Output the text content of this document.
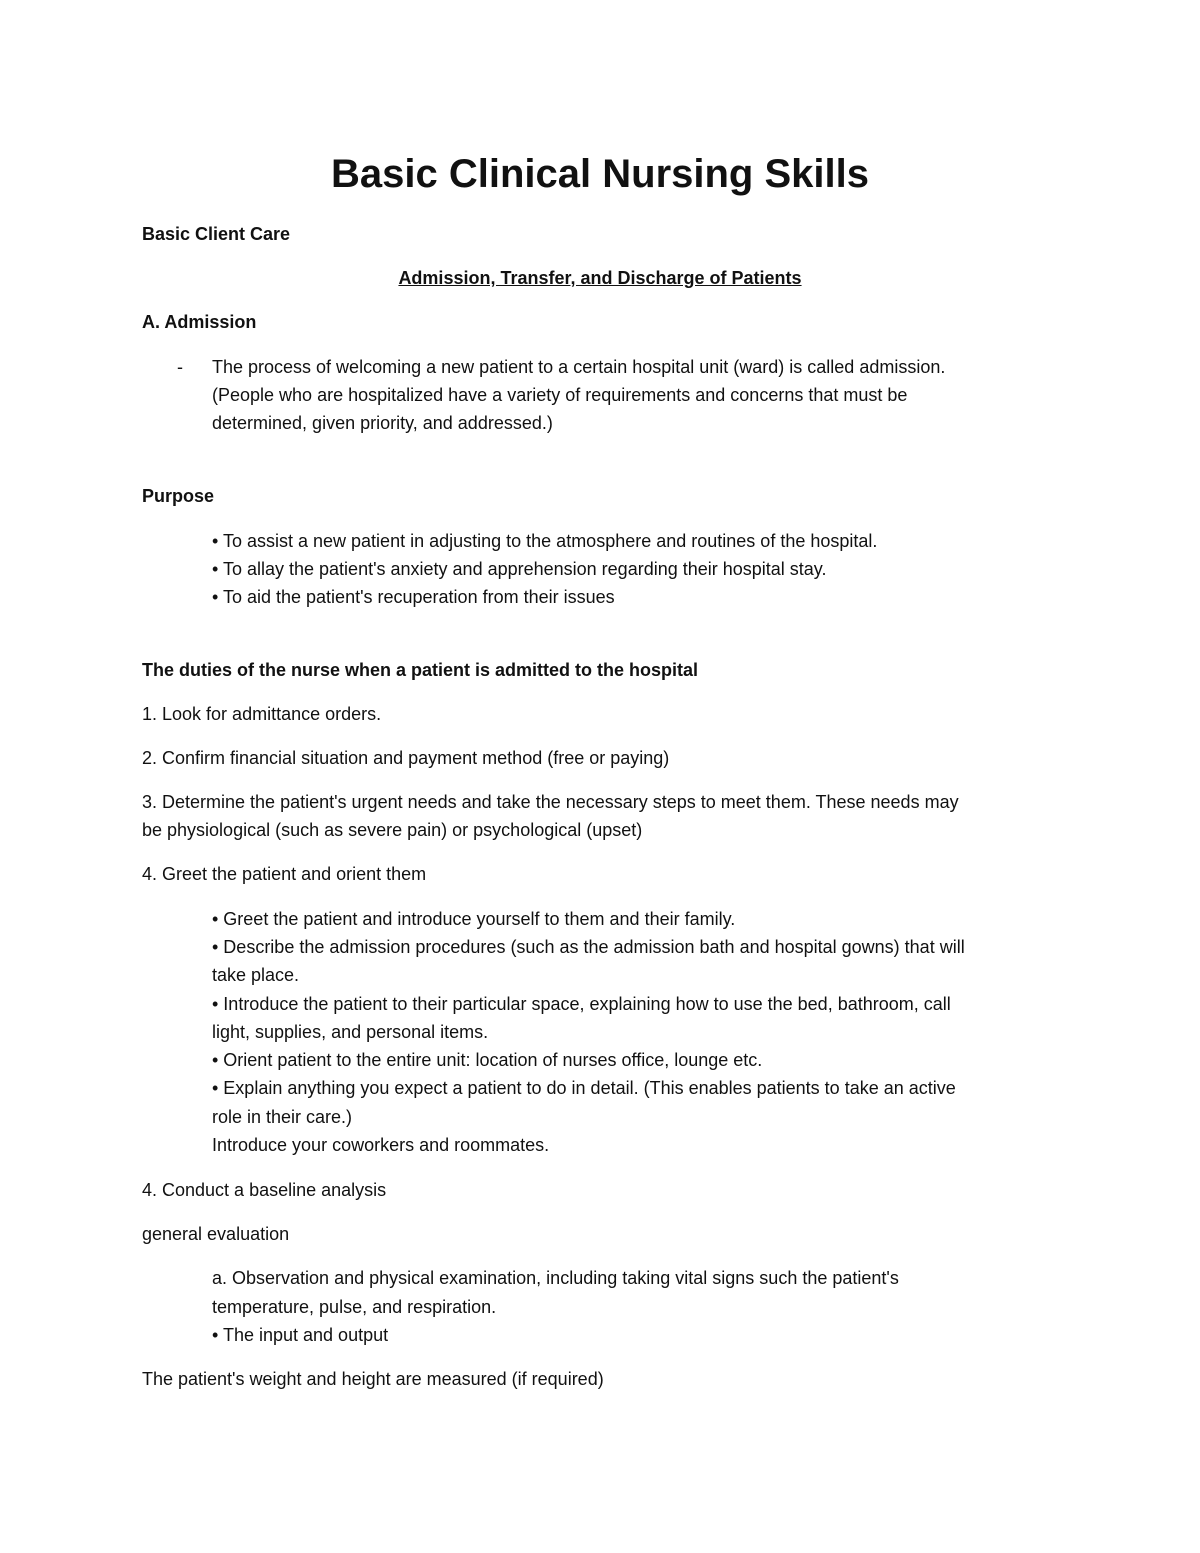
Basic Clinical Nursing Skills
Basic Client Care
Admission, Transfer, and Discharge of Patients
A. Admission
- The process of welcoming a new patient to a certain hospital unit (ward) is called admission.
(People who are hospitalized have a variety of requirements and concerns that must be
determined, given priority, and addressed.)
Purpose
• To assist a new patient in adjusting to the atmosphere and routines of the hospital.
• To allay the patient's anxiety and apprehension regarding their hospital stay.
• To aid the patient's recuperation from their issues
The duties of the nurse when a patient is admitted to the hospital
1. Look for admittance orders.
2. Confirm financial situation and payment method (free or paying)
3. Determine the patient's urgent needs and take the necessary steps to meet them. These needs may
be physiological (such as severe pain) or psychological (upset)
4. Greet the patient and orient them
• Greet the patient and introduce yourself to them and their family.
• Describe the admission procedures (such as the admission bath and hospital gowns) that will
take place.
• Introduce the patient to their particular space, explaining how to use the bed, bathroom, call
light, supplies, and personal items.
• Orient patient to the entire unit: location of nurses office, lounge etc.
• Explain anything you expect a patient to do in detail. (This enables patients to take an active
role in their care.)
Introduce your coworkers and roommates.
4. Conduct a baseline analysis
general evaluation
a. Observation and physical examination, including taking vital signs such the patient's
temperature, pulse, and respiration.
• The input and output
The patient's weight and height are measured (if required)
